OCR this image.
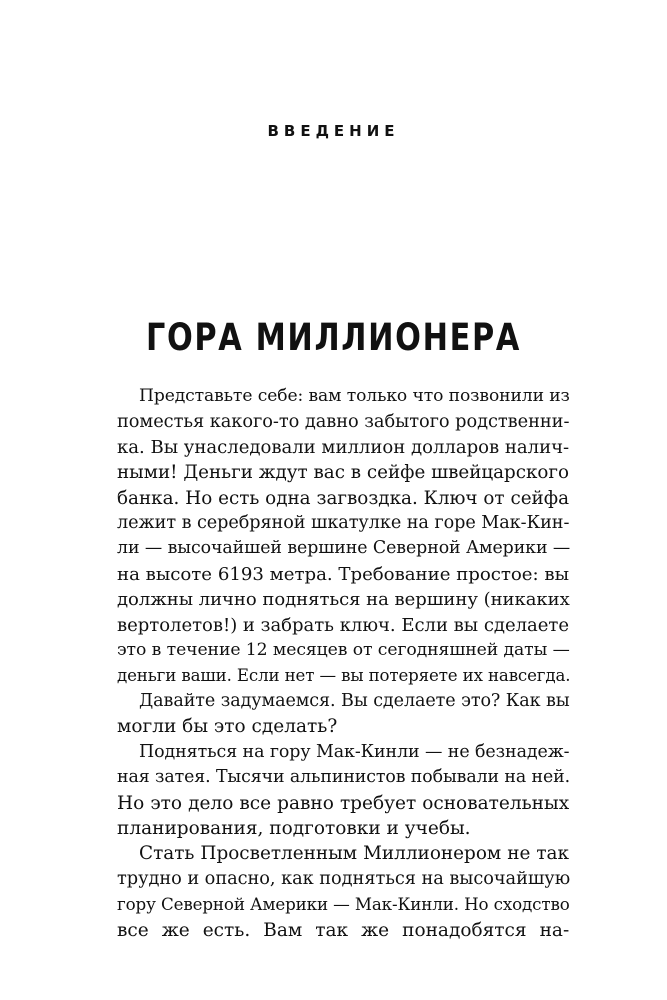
ВВЕДЕНИЕ
ГОРА МИЛЛИОНЕРА
Представьте себе: вам только что позвонили из
поместья какого-то давно забытого родственни-
ка. Вы унаследовали миллион долларов налич-
ными! Деньги ждут вас в сейфе швейцарского
банка. Но есть одна загвоздка. Ключ от сейфа
лежит в серебряной шкатулке на горе Мак-Кин-
ли — высочайшей вершине Северной Америки —
на высоте 6193 метра. Требование простое: вы
должны лично подняться на вершину (никаких
вертолетов!) и забрать ключ. Если вы сделаете
это в течение 12 месяцев от сегодняшней даты —
деньги ваши. Если нет — вы потеряете их навсегда.
Давайте задумаемся. Вы сделаете это? Как вы
могли бы это сделать?
Подняться на гору Мак-Кинли — не безнадеж-
ная затея. Тысячи альпинистов побывали на ней.
Но это дело все равно требует основательных
планирования, подготовки и учебы.
Стать Просветленным Миллионером не так
трудно и опасно, как подняться на высочайшую
гору Северной Америки — Мак-Кинли. Но сходство
все же есть. Вам так же понадобятся на-
